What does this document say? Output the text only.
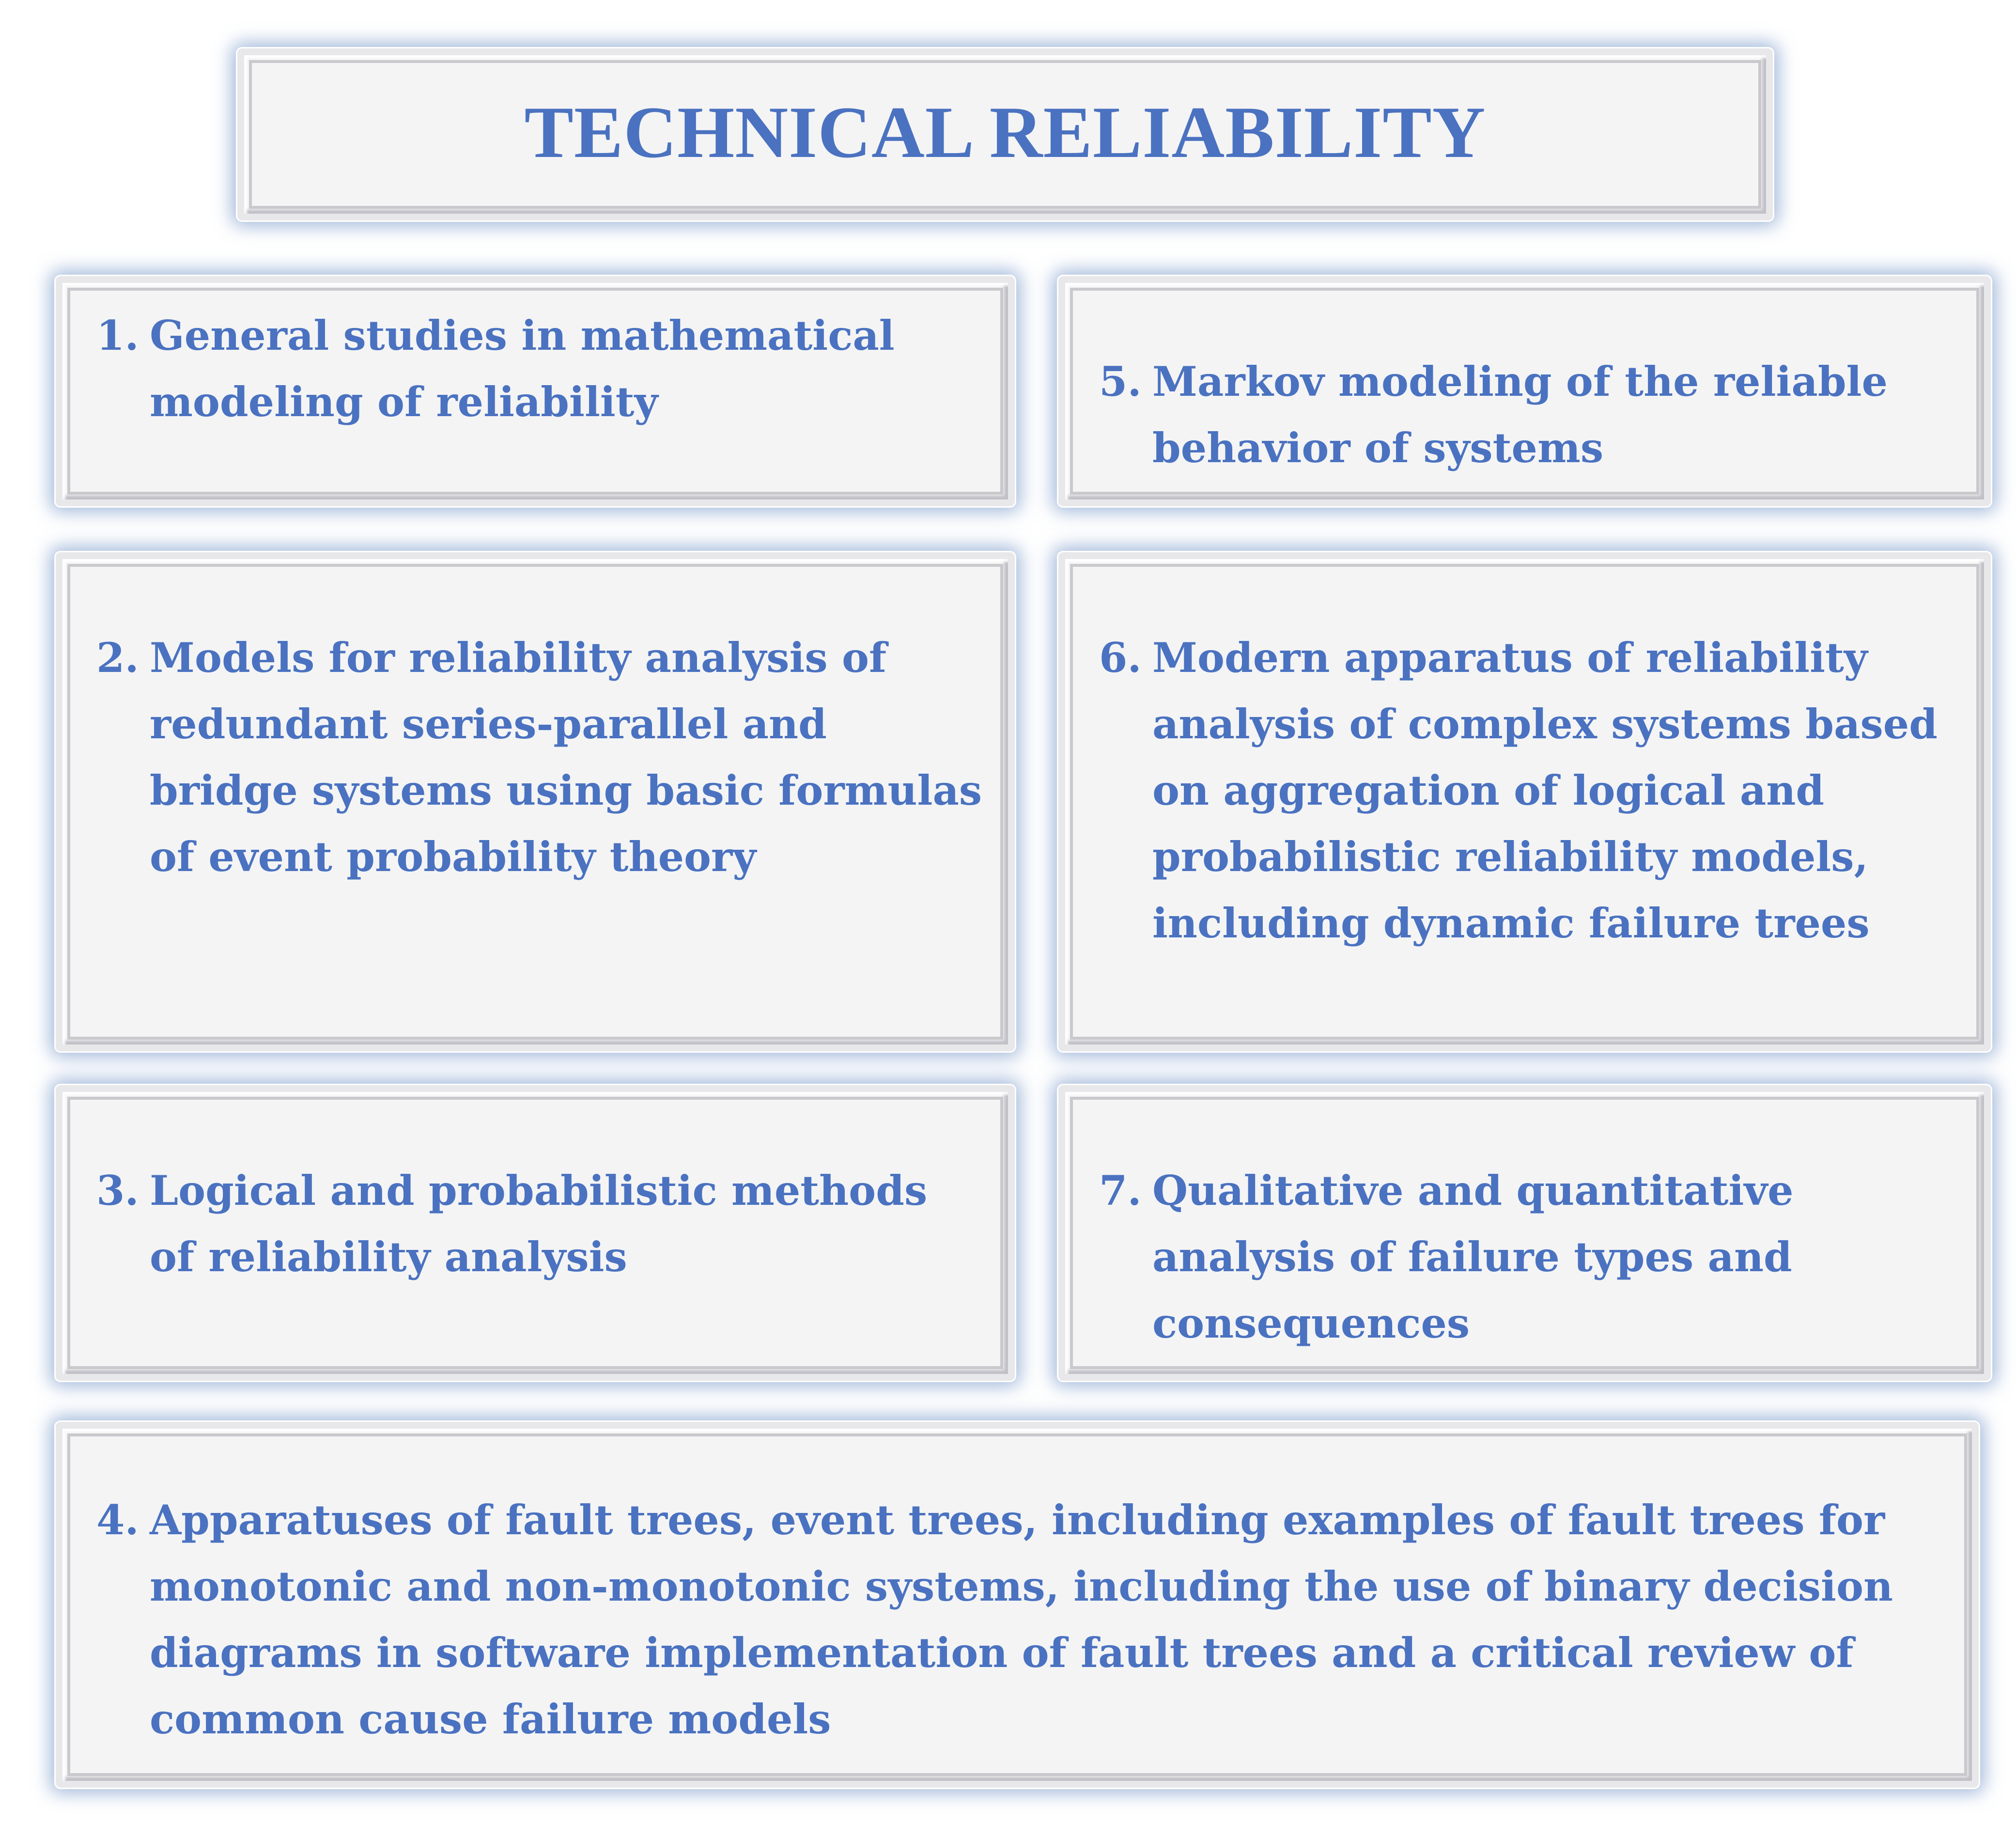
TECHNICAL RELIABILITY
1. General studies in mathematical modeling of reliability	5. Markov modeling of the reliable behavior of systems
2. Models for reliability analysis of redundant series-parallel and bridge systems using basic formulas of event probability theory
6. Modern apparatus of reliability analysis of complex systems based on aggregation of logical and probabilistic reliability models, including dynamic failure trees
3. Logical and probabilistic methods of reliability analysis
7. Qualitative and quantitative analysis of failure types and consequences
4. Apparatuses of fault trees, event trees, including examples of fault trees for monotonic and non-monotonic systems, including the use of binary decision diagrams in software implementation of fault trees and a critical review of common cause failure models
